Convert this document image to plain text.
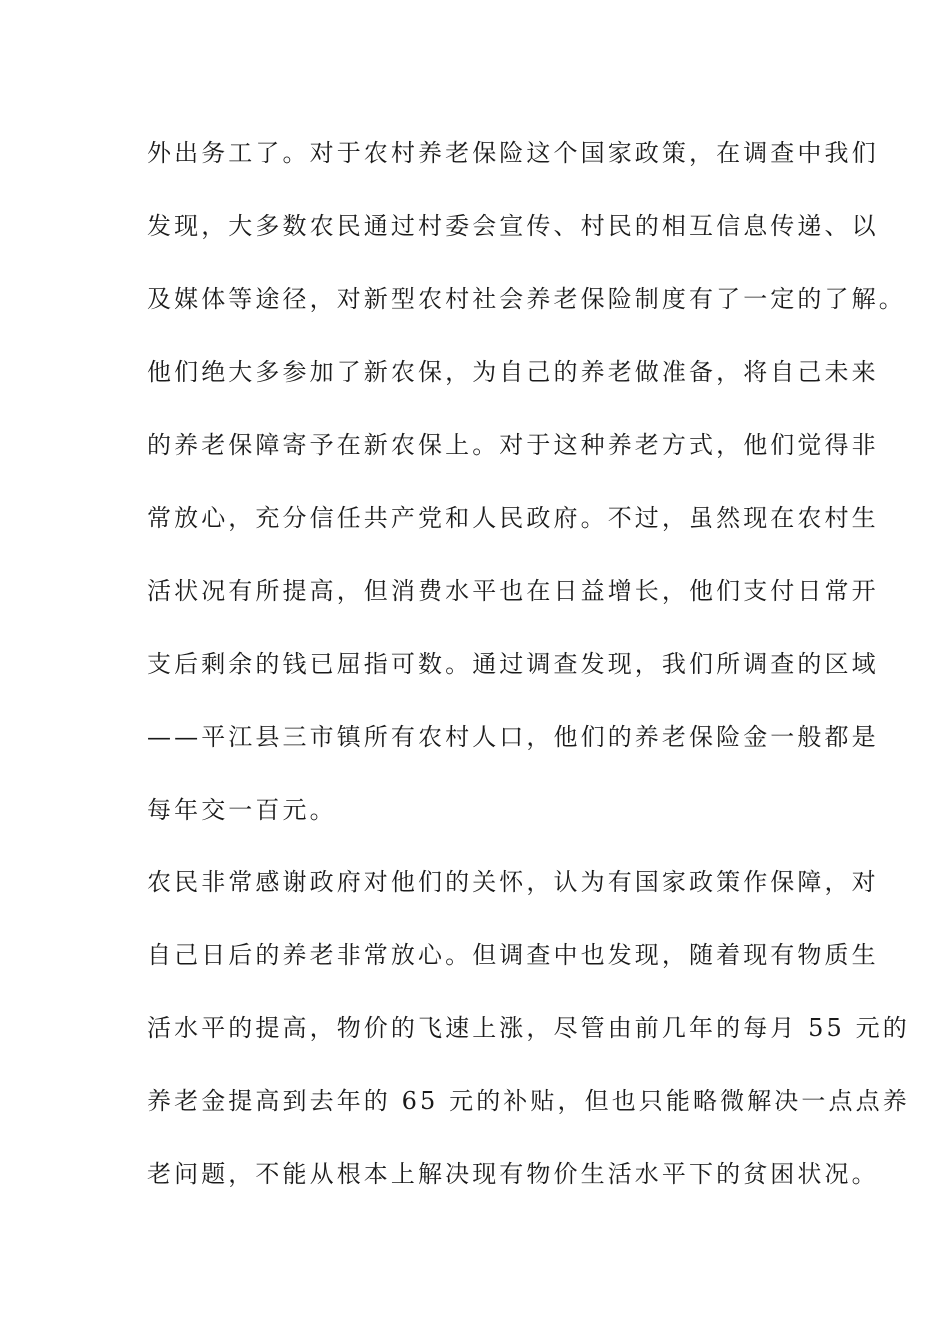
外出务工了。对于农村养老保险这个国家政策，在调查中我们
发现，大多数农民通过村委会宣传、村民的相互信息传递、以
及媒体等途径，对新型农村社会养老保险制度有了一定的了解。
他们绝大多参加了新农保，为自己的养老做准备，将自己未来
的养老保障寄予在新农保上。对于这种养老方式，他们觉得非
常放心，充分信任共产党和人民政府。不过，虽然现在农村生
活状况有所提高，但消费水平也在日益增长，他们支付日常开
支后剩余的钱已屈指可数。通过调查发现，我们所调查的区域
——平江县三市镇所有农村人口，他们的养老保险金一般都是
每年交一百元。
农民非常感谢政府对他们的关怀，认为有国家政策作保障，对
自己日后的养老非常放心。但调查中也发现，随着现有物质生
活水平的提高，物价的飞速上涨，尽管由前几年的每月 55 元的
养老金提高到去年的 65 元的补贴，但也只能略微解决一点点养
老问题，不能从根本上解决现有物价生活水平下的贫困状况。
